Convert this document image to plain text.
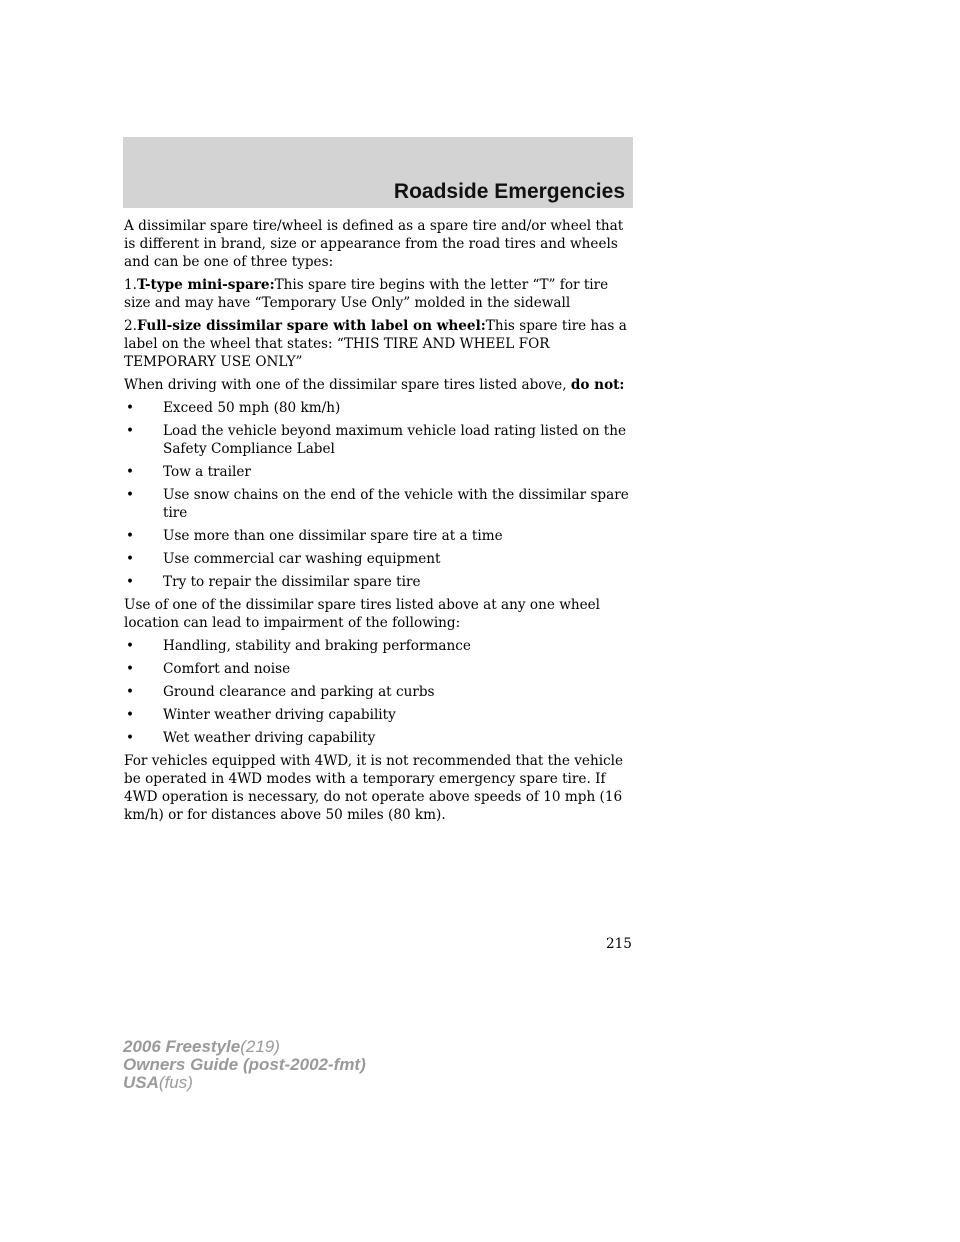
Roadside Emergencies

A dissimilar spare tire/wheel is defined as a spare tire and/or wheel that is different in brand, size or appearance from the road tires and wheels and can be one of three types:

1.T-type mini-spare:This spare tire begins with the letter “T” for tire size and may have “Temporary Use Only” molded in the sidewall

2.Full-size dissimilar spare with label on wheel:This spare tire has a label on the wheel that states: “THIS TIRE AND WHEEL FOR TEMPORARY USE ONLY”

When driving with one of the dissimilar spare tires listed above, do not:

•	Exceed 50 mph (80 km/h)
•	Load the vehicle beyond maximum vehicle load rating listed on the Safety Compliance Label
•	Tow a trailer
•	Use snow chains on the end of the vehicle with the dissimilar spare tire
•	Use more than one dissimilar spare tire at a time
•	Use commercial car washing equipment
•	Try to repair the dissimilar spare tire

Use of one of the dissimilar spare tires listed above at any one wheel location can lead to impairment of the following:

•	Handling, stability and braking performance
•	Comfort and noise
•	Ground clearance and parking at curbs
•	Winter weather driving capability
•	Wet weather driving capability

For vehicles equipped with 4WD, it is not recommended that the vehicle be operated in 4WD modes with a temporary emergency spare tire. If 4WD operation is necessary, do not operate above speeds of 10 mph (16 km/h) or for distances above 50 miles (80 km).

215
2006 Freestyle(219)
Owners Guide (post-2002-fmt)
USA(fus)
